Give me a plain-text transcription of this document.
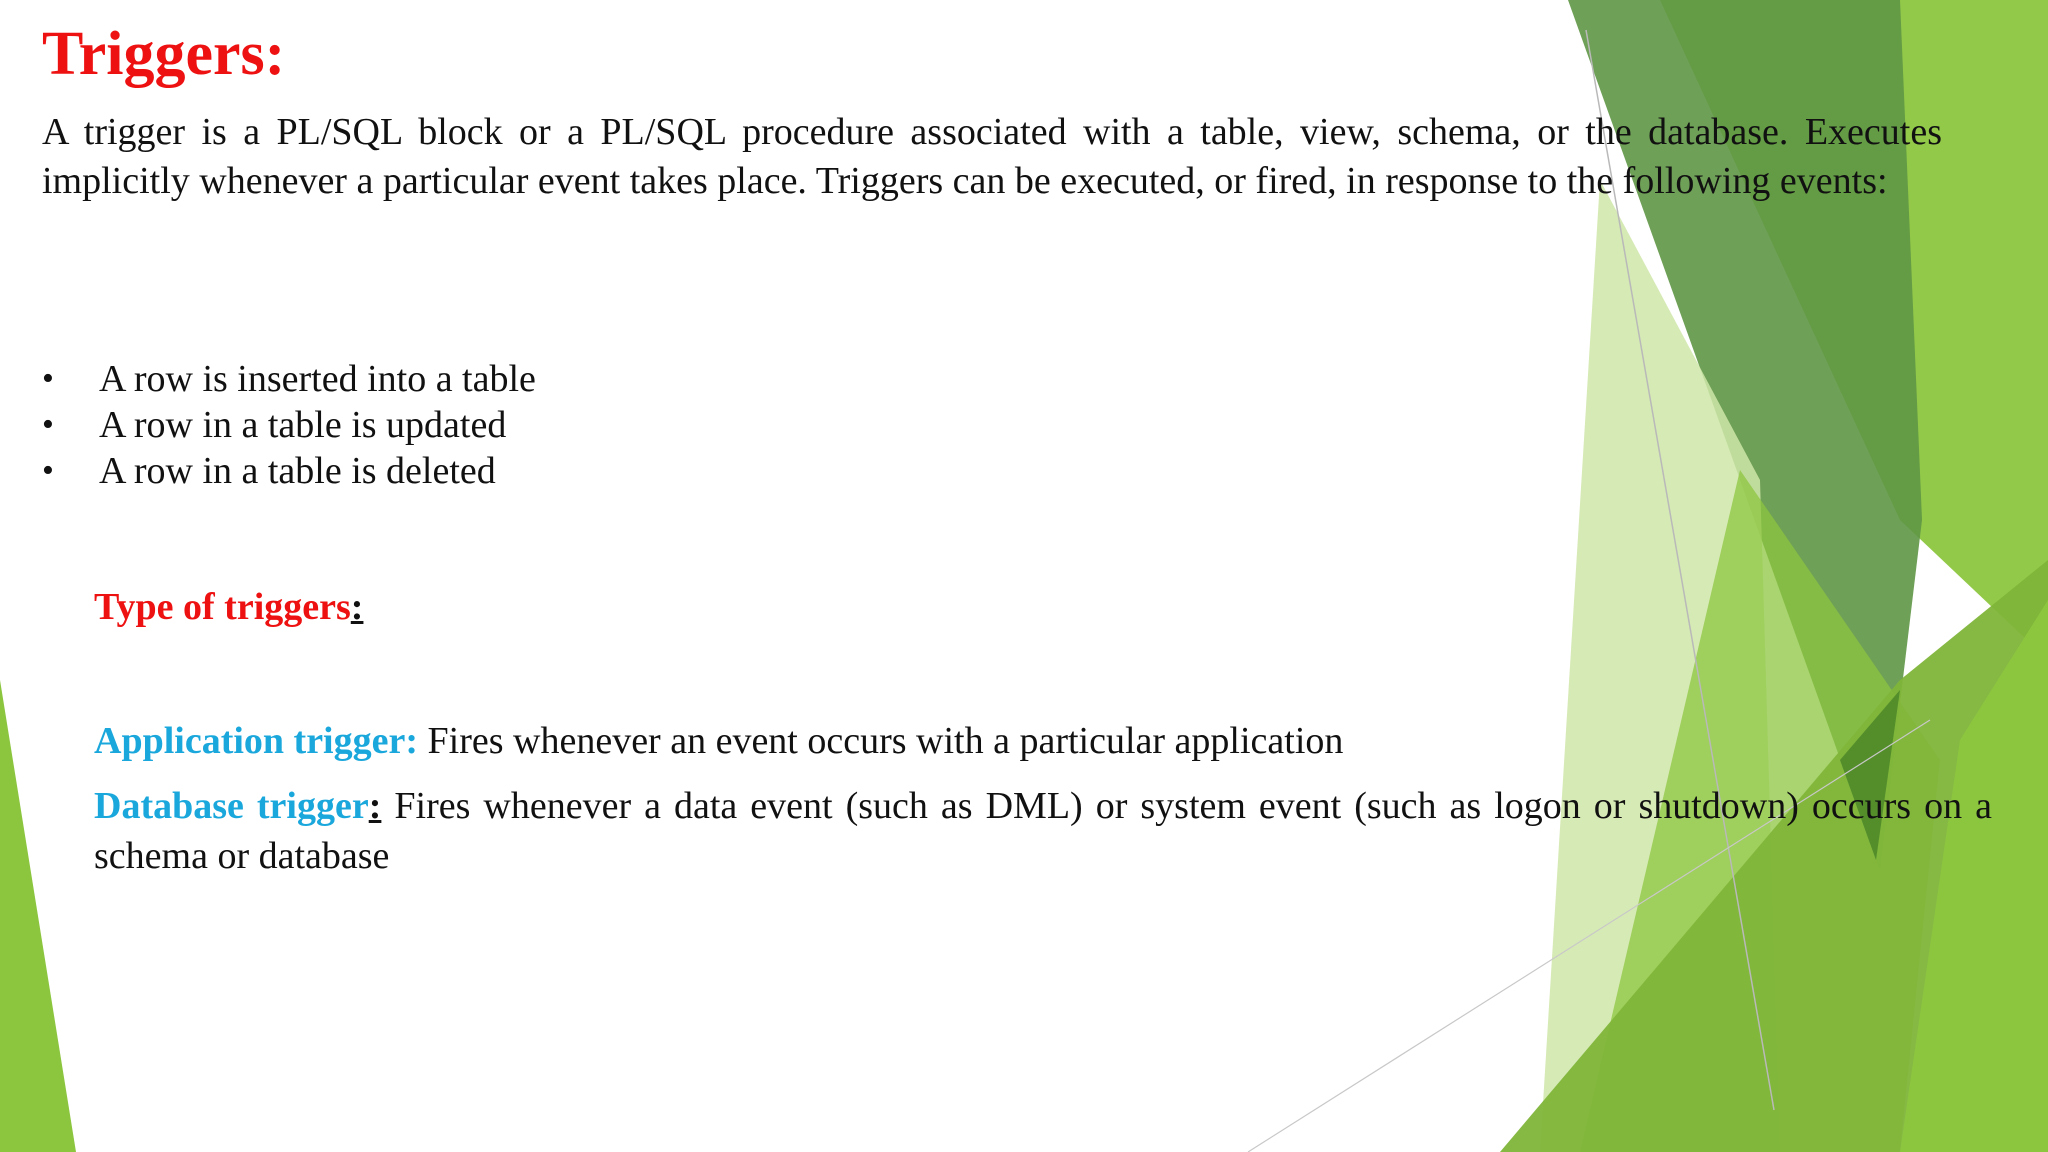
Triggers:

A trigger is a PL/SQL block or a PL/SQL procedure associated with a table, view, schema, or the database. Executes implicitly whenever a particular event takes place. Triggers can be executed, or fired, in response to the following events:

• A row is inserted into a table
• A row in a table is updated
• A row in a table is deleted

Type of triggers:

Application trigger: Fires whenever an event occurs with a particular application

Database trigger: Fires whenever a data event (such as DML) or system event (such as logon or shutdown) occurs on a schema or database
